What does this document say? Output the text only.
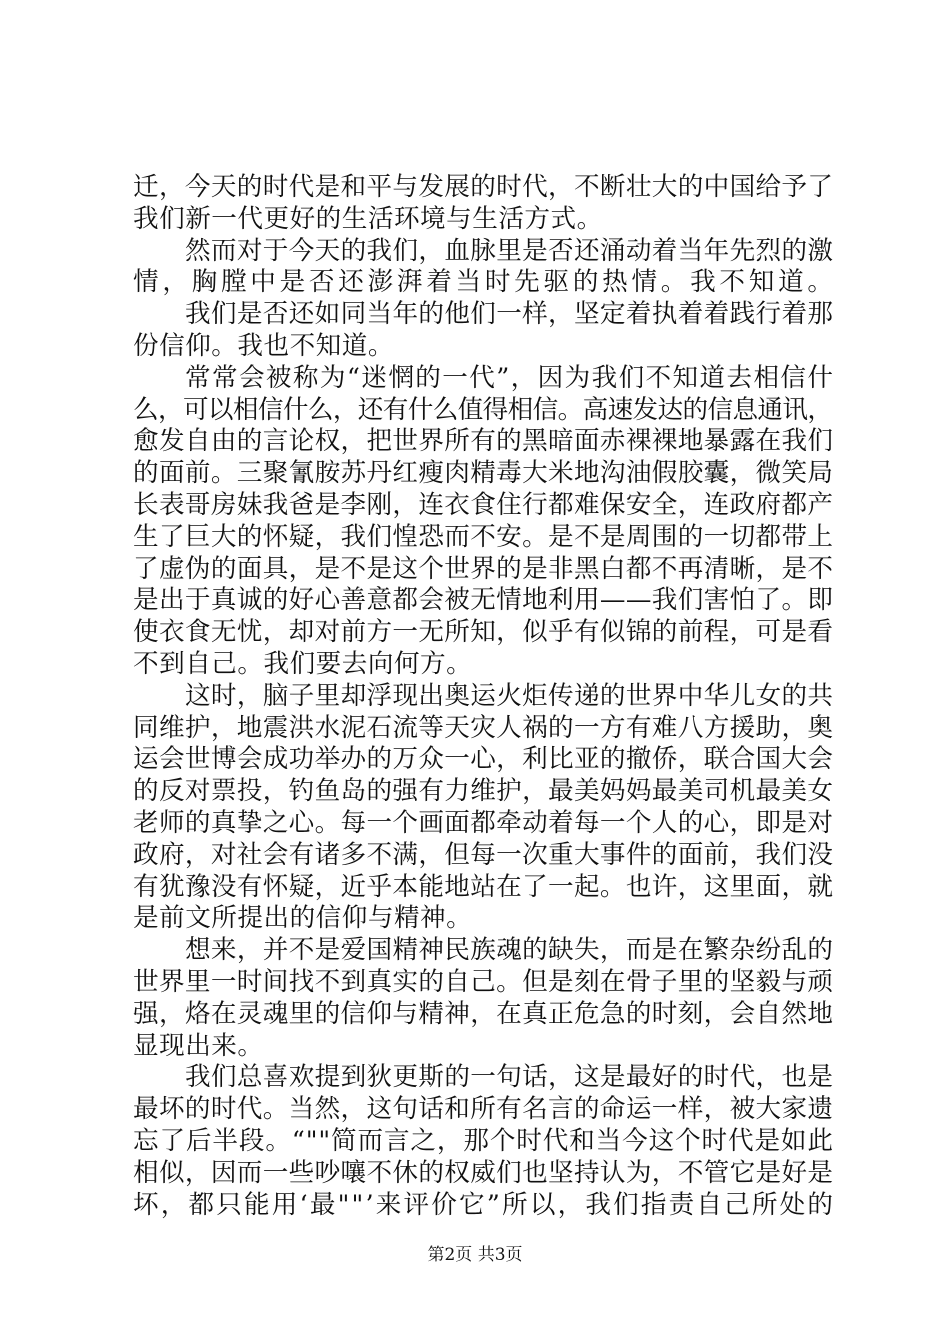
迁，今天的时代是和平与发展的时代，不断壮大的中国给予了
我们新一代更好的生活环境与生活方式。
然而对于今天的我们，血脉里是否还涌动着当年先烈的激
情，胸膛中是否还澎湃着当时先驱的热情。我不知道。
我们是否还如同当年的他们一样，坚定着执着着践行着那
份信仰。我也不知道。
常常会被称为“迷惘的一代”，因为我们不知道去相信什
么，可以相信什么，还有什么值得相信。高速发达的信息通讯，
愈发自由的言论权，把世界所有的黑暗面赤裸裸地暴露在我们
的面前。三聚氰胺苏丹红瘦肉精毒大米地沟油假胶囊，微笑局
长表哥房妹我爸是李刚，连衣食住行都难保安全，连政府都产
生了巨大的怀疑，我们惶恐而不安。是不是周围的一切都带上
了虚伪的面具，是不是这个世界的是非黑白都不再清晰，是不
是出于真诚的好心善意都会被无情地利用——我们害怕了。即
使衣食无忧，却对前方一无所知，似乎有似锦的前程，可是看
不到自己。我们要去向何方。
这时，脑子里却浮现出奥运火炬传递的世界中华儿女的共
同维护，地震洪水泥石流等天灾人祸的一方有难八方援助，奥
运会世博会成功举办的万众一心，利比亚的撤侨，联合国大会
的反对票投，钓鱼岛的强有力维护，最美妈妈最美司机最美女
老师的真挚之心。每一个画面都牵动着每一个人的心，即是对
政府，对社会有诸多不满，但每一次重大事件的面前，我们没
有犹豫没有怀疑，近乎本能地站在了一起。也许，这里面，就
是前文所提出的信仰与精神。
想来，并不是爱国精神民族魂的缺失，而是在繁杂纷乱的
世界里一时间找不到真实的自己。但是刻在骨子里的坚毅与顽
强，烙在灵魂里的信仰与精神，在真正危急的时刻，会自然地
显现出来。
我们总喜欢提到狄更斯的一句话，这是最好的时代，也是
最坏的时代。当然，这句话和所有名言的命运一样，被大家遗
忘了后半段。“""简而言之，那个时代和当今这个时代是如此
相似，因而一些吵嚷不休的权威们也坚持认为，不管它是好是
坏，都只能用‘最""’来评价它”所以，我们指责自己所处的
第2页 共3页
